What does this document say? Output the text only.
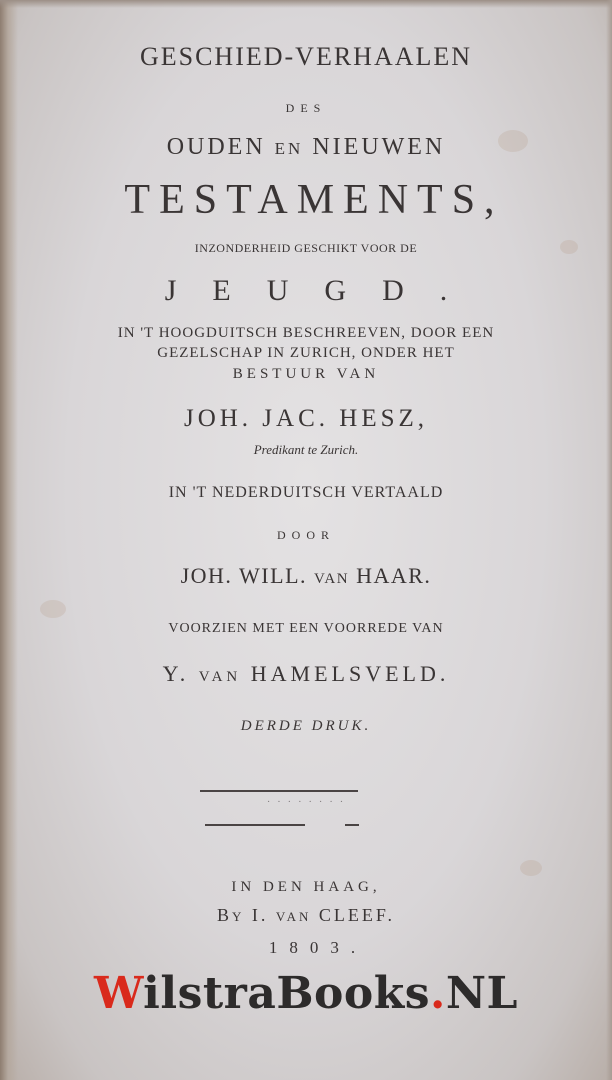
GESCHIED-VERHAALEN
DES
OUDEN en NIEUWEN
TESTAMENTS,
INZONDERHEID GESCHIKT VOOR DE
JEUGD.
IN 'T HOOGDUITSCH BESCHREEVEN, DOOR EEN
GEZELSCHAP IN ZURICH, ONDER HET
BESTUUR VAN
JOH. JAC. HESZ,
Predikant te Zurich.
IN 'T NEDERDUITSCH VERTAALD
DOOR
JOH. WILL. van HAAR.
VOORZIEN MET EEN VOORREDE VAN
Y. van HAMELSVELD.
DERDE DRUK.
· · · · · · · ·
IN DEN HAAG,
By I. van CLEEF.
1803.
WilstraBooks.NL
